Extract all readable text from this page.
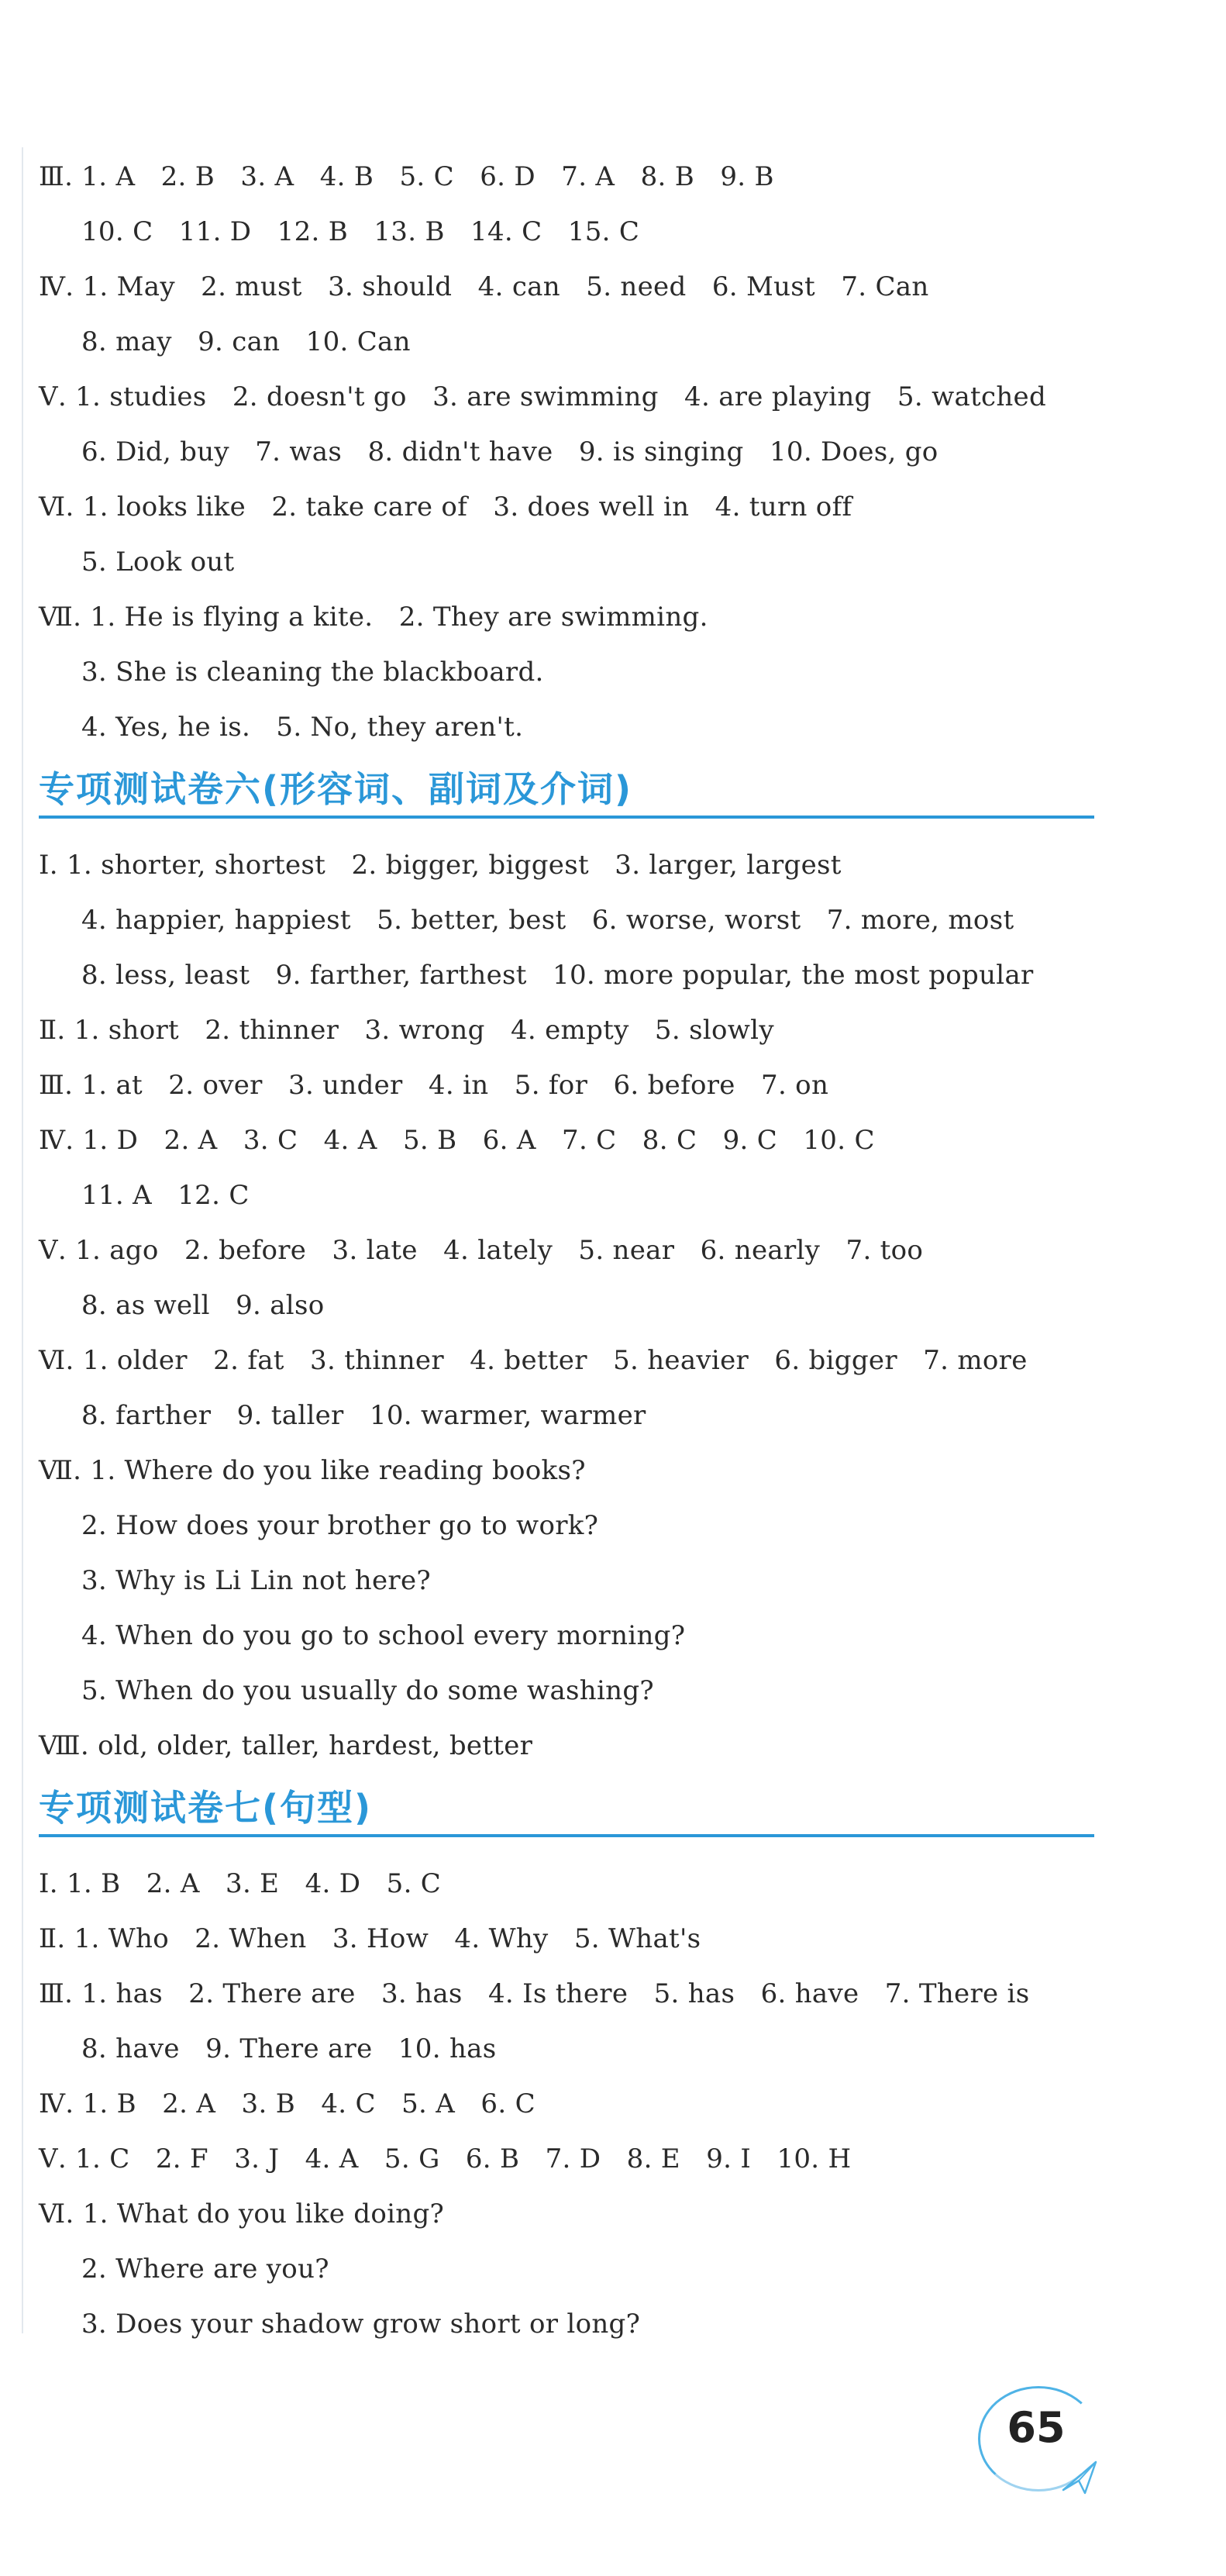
Ⅲ. 1. A   2. B   3. A   4. B   5. C   6. D   7. A   8. B   9. B
10. C   11. D   12. B   13. B   14. C   15. C
Ⅳ. 1. May   2. must   3. should   4. can   5. need   6. Must   7. Can
8. may   9. can   10. Can
Ⅴ. 1. studies   2. doesn't go   3. are swimming   4. are playing   5. watched
6. Did, buy   7. was   8. didn't have   9. is singing   10. Does, go
Ⅵ. 1. looks like   2. take care of   3. does well in   4. turn off
5. Look out
Ⅶ. 1. He is flying a kite.   2. They are swimming.
3. She is cleaning the blackboard.
4. Yes, he is.   5. No, they aren't.
专项测试卷六(形容词、副词及介词)
Ⅰ. 1. shorter, shortest   2. bigger, biggest   3. larger, largest
4. happier, happiest   5. better, best   6. worse, worst   7. more, most
8. less, least   9. farther, farthest   10. more popular, the most popular
Ⅱ. 1. short   2. thinner   3. wrong   4. empty   5. slowly
Ⅲ. 1. at   2. over   3. under   4. in   5. for   6. before   7. on
Ⅳ. 1. D   2. A   3. C   4. A   5. B   6. A   7. C   8. C   9. C   10. C
11. A   12. C
Ⅴ. 1. ago   2. before   3. late   4. lately   5. near   6. nearly   7. too
8. as well   9. also
Ⅵ. 1. older   2. fat   3. thinner   4. better   5. heavier   6. bigger   7. more
8. farther   9. taller   10. warmer, warmer
Ⅶ. 1. Where do you like reading books?
2. How does your brother go to work?
3. Why is Li Lin not here?
4. When do you go to school every morning?
5. When do you usually do some washing?
Ⅷ. old, older, taller, hardest, better
专项测试卷七(句型)
Ⅰ. 1. B   2. A   3. E   4. D   5. C
Ⅱ. 1. Who   2. When   3. How   4. Why   5. What's
Ⅲ. 1. has   2. There are   3. has   4. Is there   5. has   6. have   7. There is
8. have   9. There are   10. has
Ⅳ. 1. B   2. A   3. B   4. C   5. A   6. C
Ⅴ. 1. C   2. F   3. J   4. A   5. G   6. B   7. D   8. E   9. I   10. H
Ⅵ. 1. What do you like doing?
2. Where are you?
3. Does your shadow grow short or long?
65
